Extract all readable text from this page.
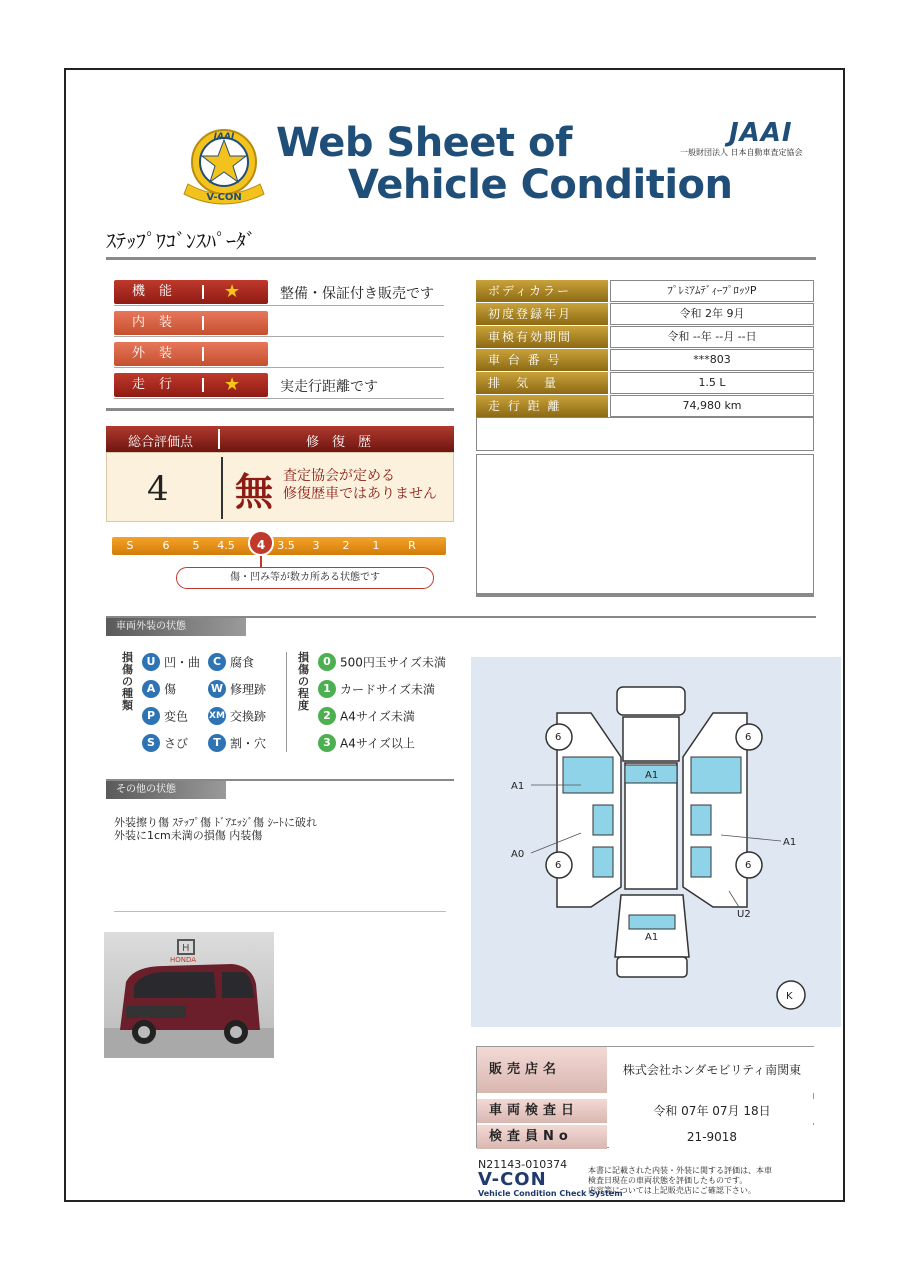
JAAI
V-CON
Web Sheet of
Vehicle Condition
JAAI
一般財団法人 日本自動車査定協会
ｽﾃｯﾌﾟﾜｺﾞﾝｽﾊﾟｰﾀﾞ
機能	★	整備・保証付き販売です
内装
外装
走行	★	実走行距離です
ボディカラー	ﾌﾟﾚﾐｱﾑﾃﾞｨｰﾌﾟﾛｯｿP
初度登録年月	令和 2年 9月
車検有効期間	令和 --年 --月 --日
車 台 番 号	***803
排　気　量	1.5 L
走 行 距 離	74,980 km
総合評価点	修　復　歴
4 無 査定協会が定める
修復歴車ではありません
S	6	5	4.5	3.5	3	2	1	R
4
傷・凹み等が数カ所ある状態です
車両外装の状態
損傷の種類
U 凹・曲	C 腐食
A 傷	W 修理跡
P 変色 XM 交換跡
S さび	T 割・穴
損傷の程度
0 500円玉サイズ未満
1 カードサイズ未満
2 A4サイズ未満
3 A4サイズ以上
その他の状態
外装擦り傷 ｽﾃｯﾌﾟ傷 ﾄﾞｱｴｯｼﾞ傷 ｼｰﾄに破れ
外装に1cm未満の損傷 内装傷
A1
A0
A1
U2
A1
A1
6	6
6	6
K
H
HONDA
販売店名	株式会社ホンダモビリティ南関東
車両検査日	令和 07年 07月 18日
検査員No	21-9018
N21143-010374
V-CON
Vehicle Condition Check System
本書に記載された内装・外装に関する評価は、本車
検査日現在の車両状態を評価したものです。
内容等については上記販売店にご確認下さい。
